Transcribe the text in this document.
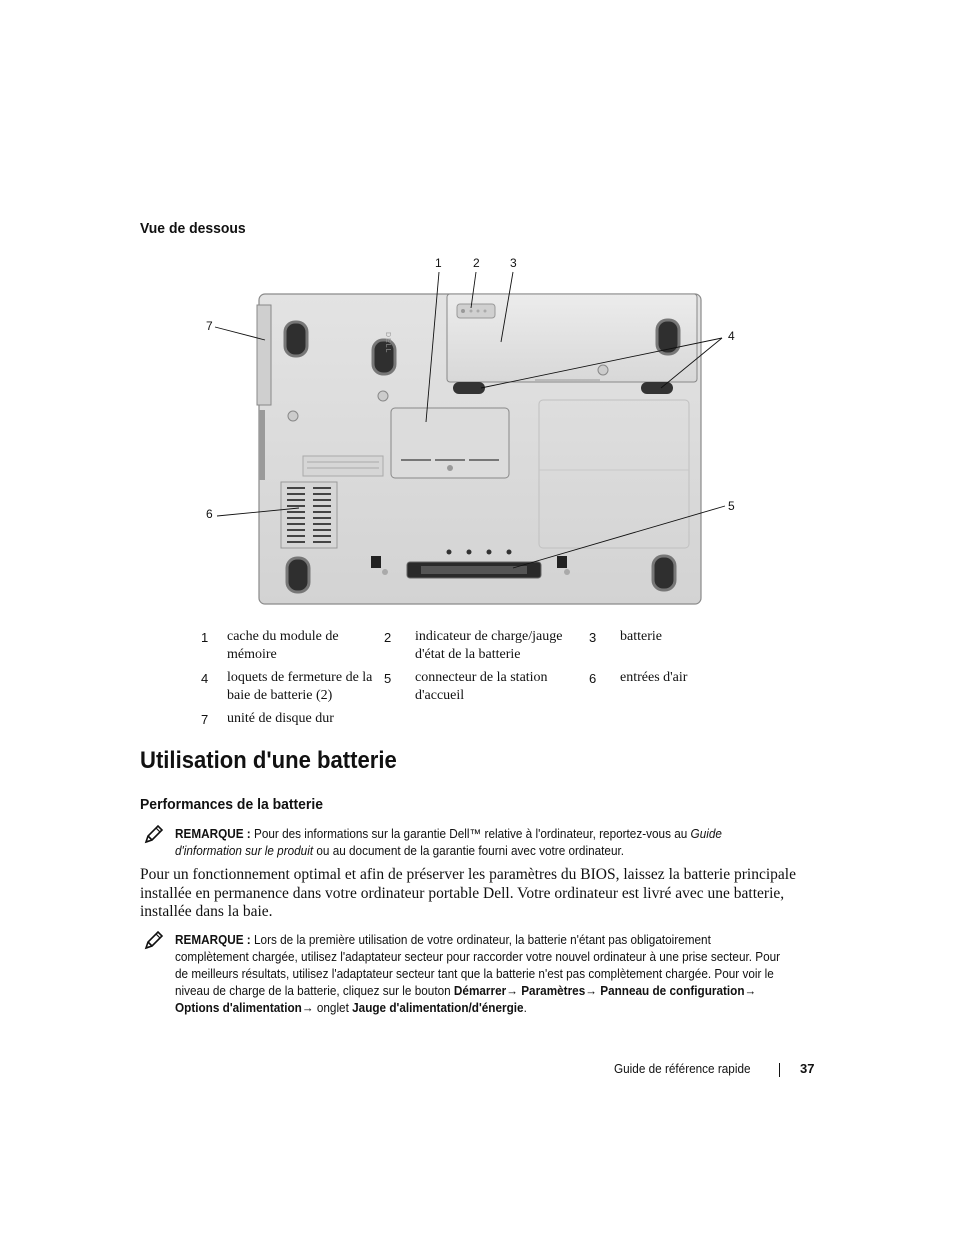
Vue de dessous
1	2	3
4
5
6
7
DELL
1 cache du module de mémoire
2 indicateur de charge/jauge d'état de la batterie
3 batterie
4 loquets de fermeture de la baie de batterie (2)
5 connecteur de la station d'accueil
6 entrées d'air
7 unité de disque dur
Utilisation d'une batterie
Performances de la batterie
REMARQUE : Pour des informations sur la garantie Dell™ relative à l'ordinateur, reportez-vous au Guide d'information sur le produit ou au document de la garantie fourni avec votre ordinateur.
Pour un fonctionnement optimal et afin de préserver les paramètres du BIOS, laissez la batterie principale installée en permanence dans votre ordinateur portable Dell. Votre ordinateur est livré avec une batterie, installée dans la baie.
REMARQUE : Lors de la première utilisation de votre ordinateur, la batterie n'étant pas obligatoirement complètement chargée, utilisez l'adaptateur secteur pour raccorder votre nouvel ordinateur à une prise secteur. Pour de meilleurs résultats, utilisez l'adaptateur secteur tant que la batterie n'est pas complètement chargée. Pour voir le niveau de charge de la batterie, cliquez sur le bouton Démarrer→ Paramètres→ Panneau de configuration→ Options d'alimentation→ onglet Jauge d'alimentation/d'énergie.
Guide de référence rapide	37
